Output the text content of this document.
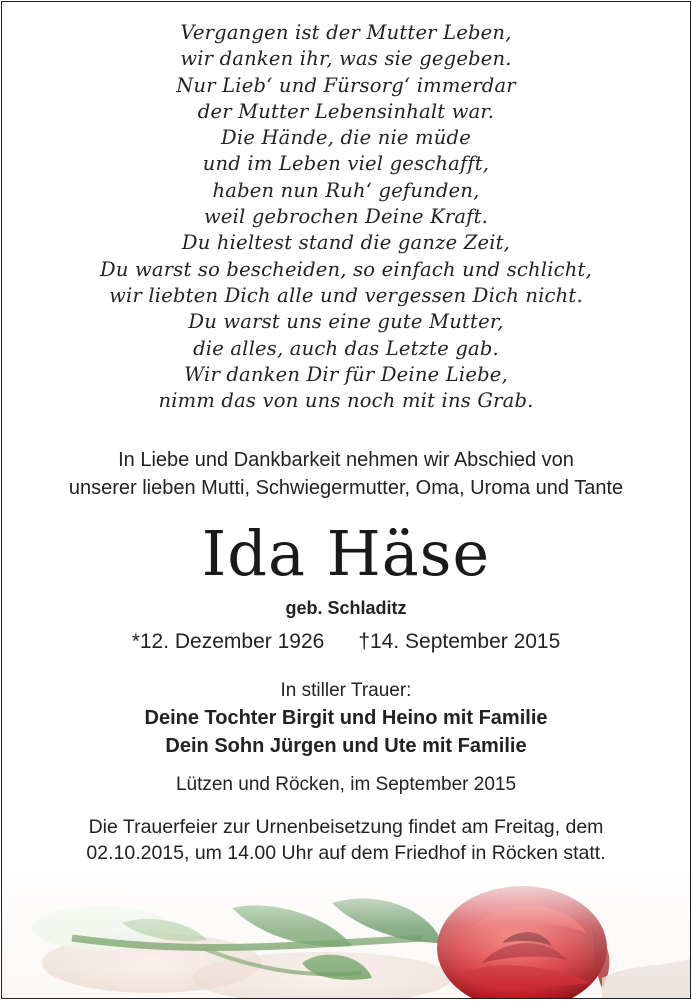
Vergangen ist der Mutter Leben,
wir danken ihr, was sie gegeben.
Nur Lieb‘ und Fürsorg‘ immerdar
der Mutter Lebensinhalt war.
Die Hände, die nie müde
und im Leben viel geschafft,
haben nun Ruh‘ gefunden,
weil gebrochen Deine Kraft.
Du hieltest stand die ganze Zeit,
Du warst so bescheiden, so einfach und schlicht,
wir liebten Dich alle und vergessen Dich nicht.
Du warst uns eine gute Mutter,
die alles, auch das Letzte gab.
Wir danken Dir für Deine Liebe,
nimm das von uns noch mit ins Grab.
In Liebe und Dankbarkeit nehmen wir Abschied von
unserer lieben Mutti, Schwiegermutter, Oma, Uroma und Tante
Ida Häse
geb. Schladitz
*12. Dezember 1926 †14. September 2015
In stiller Trauer:
Deine Tochter Birgit und Heino mit Familie
Dein Sohn Jürgen und Ute mit Familie
Lützen und Röcken, im September 2015
Die Trauerfeier zur Urnenbeisetzung findet am Freitag, dem
02.10.2015, um 14.00 Uhr auf dem Friedhof in Röcken statt.
